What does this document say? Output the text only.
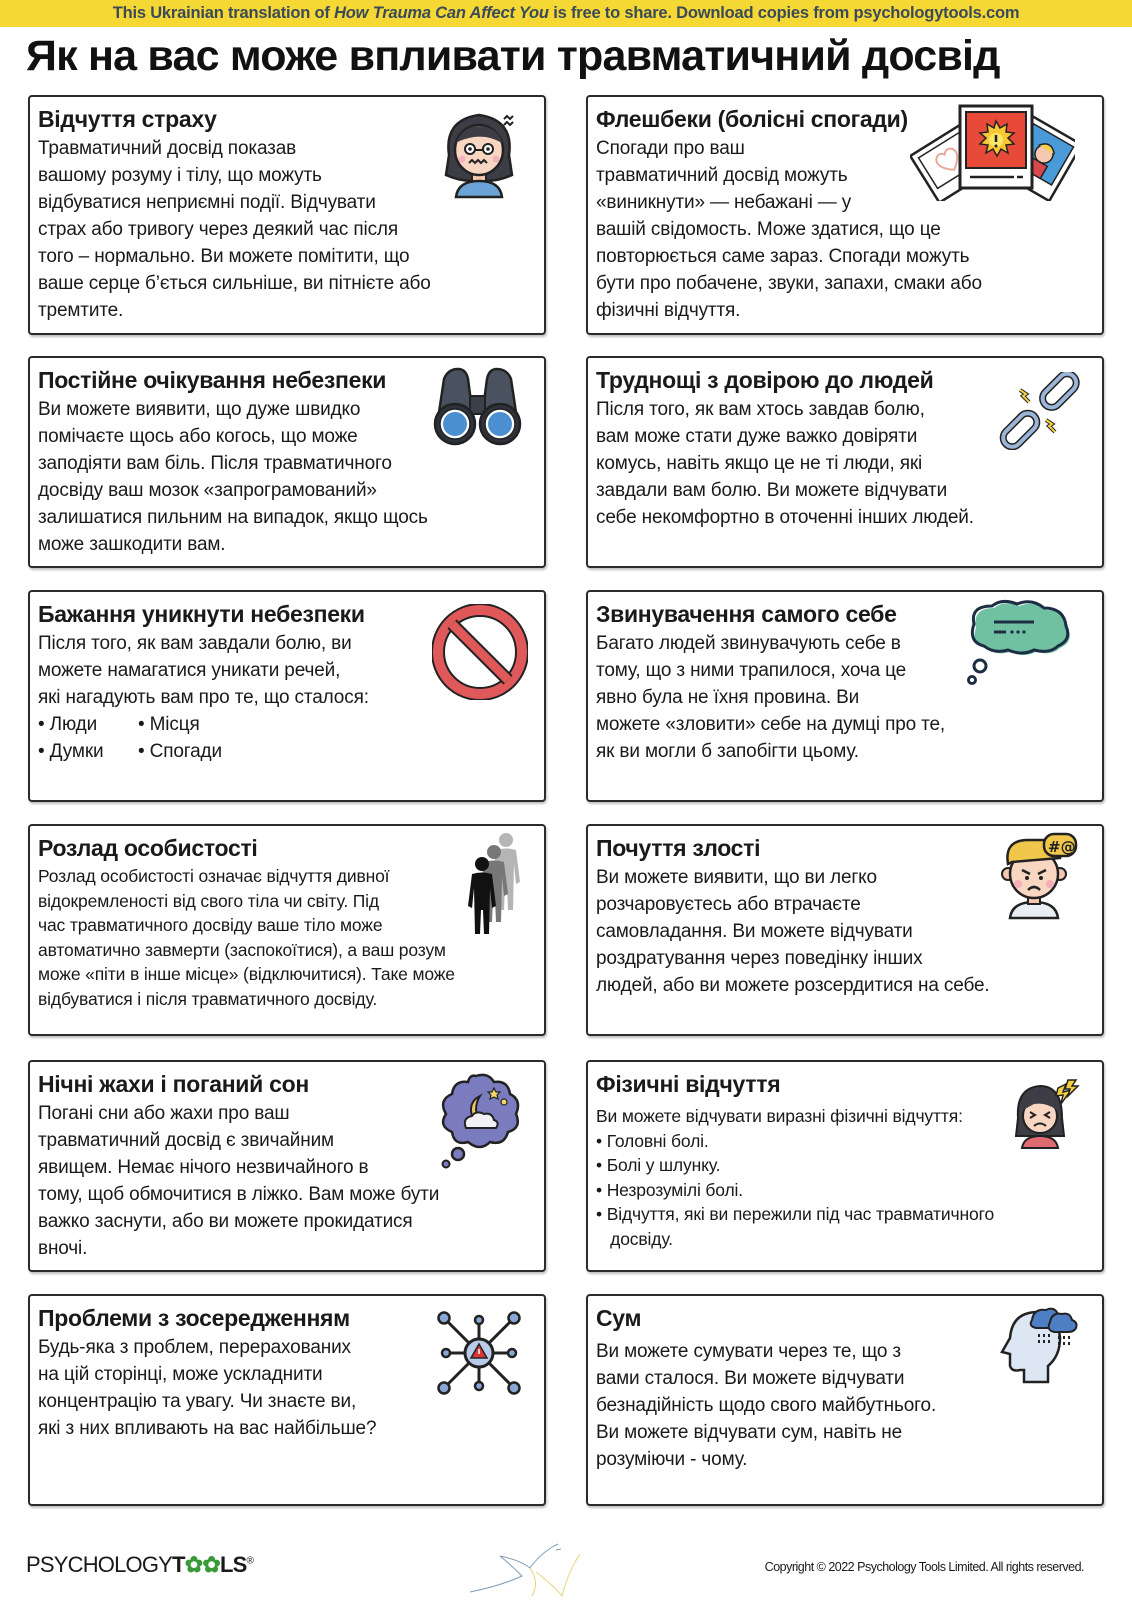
This Ukrainian translation of How Trauma Can Affect You is free to share. Download copies from psychologytools.com
Як на вас може впливати травматичний досвід
Відчуття страху
Травматичний досвід показав
вашому розуму і тілу, що можуть
відбуватися неприємні події. Відчувати
страх або тривогу через деякий час після
того – нормально. Ви можете помітити, що
ваше серце б’ється сильніше, ви пітнієте або
тремтите.
Флешбеки (болісні спогади)
Спогади про ваш
травматичний досвід можуть
«виникнути» — небажані — у
вашій свідомость. Може здатися, що це
повторюється саме зараз. Спогади можуть
бути про побачене, звуки, запахи, смаки або
фізичні відчуття.
Постійне очікування небезпеки
Ви можете виявити, що дуже швидко
помічаєте щось або когось, що може
заподіяти вам біль. Після травматичного
досвіду ваш мозок «запрограмований»
залишатися пильним на випадок, якщо щось
може зашкодити вам.
Труднощі з довірою до людей
Після того, як вам хтось завдав болю,
вам може стати дуже важко довіряти
комусь, навіть якщо це не ті люди, які
завдали вам болю. Ви можете відчувати
себе некомфортно в оточенні інших людей.
Бажання уникнути небезпеки
Після того, як вам завдали болю, ви
можете намагатися уникати речей,
які нагадують вам про те, що сталося:
• Люди	• Місця
• Думки	• Спогади
Звинувачення самого себе
Багато людей звинувачують себе в
тому, що з ними трапилося, хоча це
явно була не їхня провина. Ви
можете «зловити» себе на думці про те,
як ви могли б запобігти цьому.
Розлад особистості
Розлад особистості означає відчуття дивної
відокремленості від свого тіла чи світу. Під
час травматичного досвіду ваше тіло може
автоматично завмерти (заспокоїтися), а ваш розум
може «піти в інше місце» (відключитися). Таке може
відбуватися і після травматичного досвіду.
Почуття злості
Ви можете виявити, що ви легко
розчаровуєтесь або втрачаєте
самовладання. Ви можете відчувати
роздратування через поведінку інших
людей, або ви можете розсердитися на себе.
#@
Нічні жахи і поганий сон
Погані сни або жахи про ваш
травматичний досвід є звичайним
явищем. Немає нічого незвичайного в
тому, щоб обмочитися в ліжко. Вам може бути
важко заснути, або ви можете прокидатися
вночі.
Фізичні відчуття
Ви можете відчувати виразні фізичні відчуття:
• Головні болі.
• Болі у шлунку.
• Незрозумілі болі.
• Відчуття, які ви пережили під час травматичного
досвіду.
Проблеми з зосередженням
Будь-яка з проблем, перерахованих
на цій сторінці, може ускладнити
концентрацію та увагу. Чи знаєте ви,
які з них впливають на вас найбільше?
Сум
Ви можете сумувати через те, що з
вами сталося. Ви можете відчувати
безнадійність щодо свого майбутнього.
Ви можете відчувати сум, навіть не
розуміючи - чому.
PSYCHOLOGYT✿✿LS®	Copyright © 2022 Psychology Tools Limited. All rights reserved.
